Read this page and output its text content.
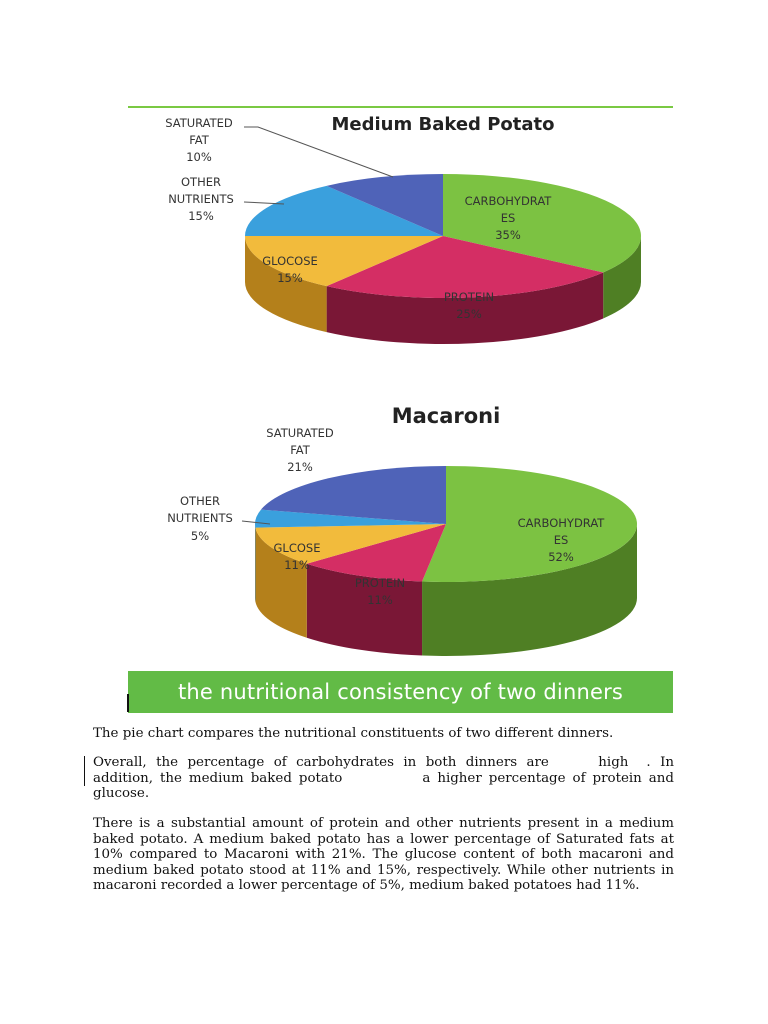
Medium Baked Potato
CARBOHYDRAT
ES
35%
PROTEIN
25%
GLOCOSE
15%
SATURATED
FAT
10%
OTHER
NUTRIENTS
15%
Macaroni
CARBOHYDRAT
ES
52%
PROTEIN
11%
GLCOSE
11%
SATURATED
FAT
21%
OTHER
NUTRIENTS
5%
the nutritional consistency of two dinners
The pie chart compares the nutritional constituents of two different dinners.
Overall, the percentage of carbohydrates in both dinners are	high . In addition, the medium baked potato	a higher percentage of protein and glucose.
There is a substantial amount of protein and other nutrients present in a medium baked potato. A medium baked potato has a lower percentage of Saturated fats at 10% compared to Macaroni with 21%. The glucose content of both macaroni and medium baked potato stood at 11% and 15%, respectively. While other nutrients in macaroni recorded a lower percentage of 5%, medium baked potatoes had 11%.
